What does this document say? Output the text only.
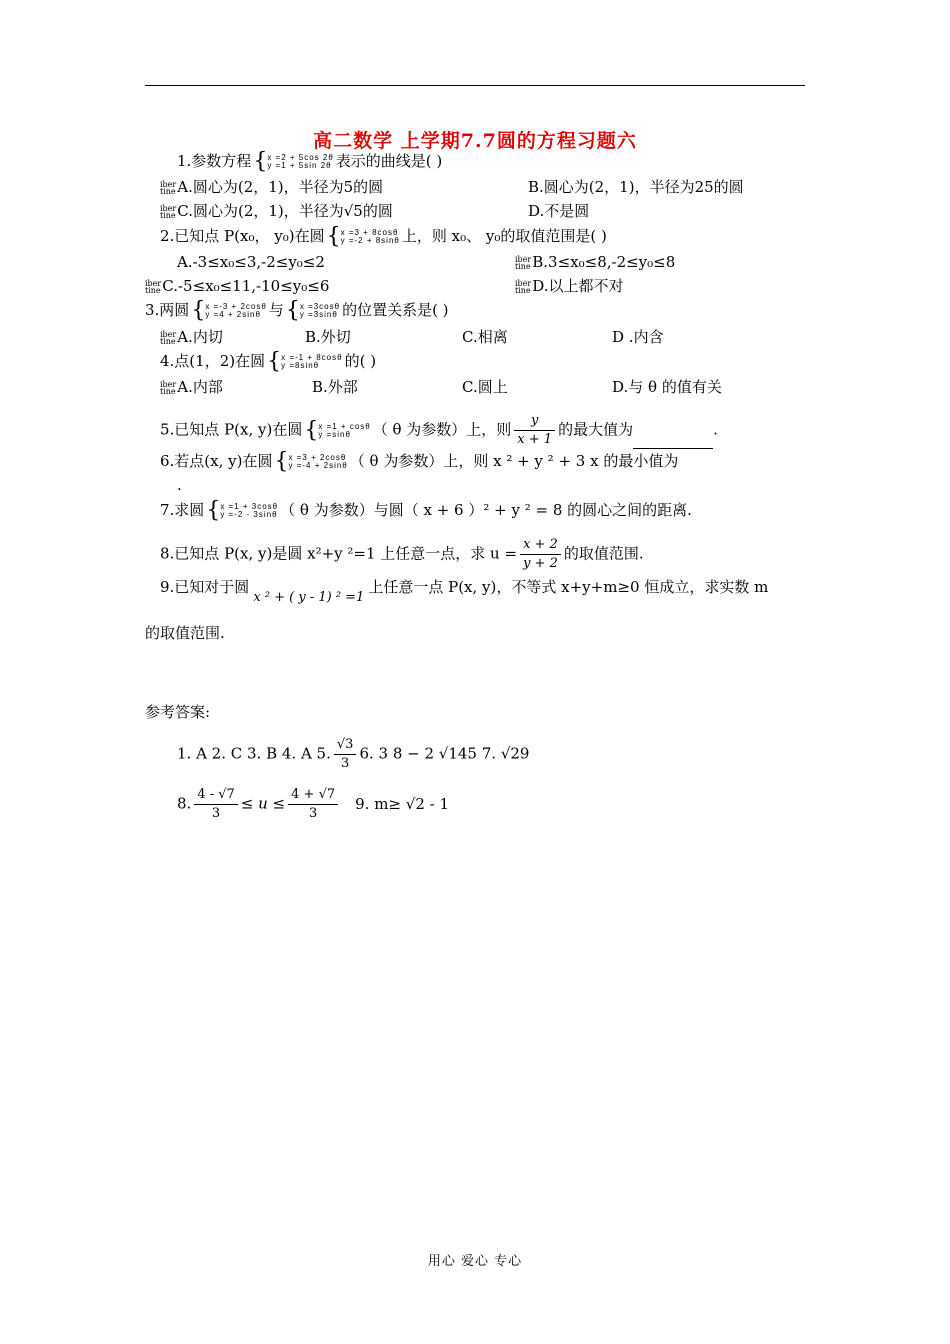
高二数学 上学期7.7圆的方程习题六
1.参数方程{x =2 + 5cos 2θ
y =1 + 5sin 2θ 表示的曲线是( )
iber
tine A.圆心为(2，1)，半径为5的圆	B.圆心为(2，1)，半径为25的圆
iber
tine C.圆心为(2，1)，半径为√5的圆	D.不是圆
2.已知点 P(x₀， y₀)在圆{x =3 + 8cosθ
y =-2 + 8sinθ 上，则 x₀、 y₀的取值范围是( )
A.-3≤x₀≤3,-2≤y₀≤2	iber
tine B.3≤x₀≤8,-2≤y₀≤8
iber
tine C.-5≤x₀≤11,-10≤y₀≤6	iber
tine D.以上都不对
3.两圆{x =-3 + 2cosθ
y =4 + 2sinθ 与{x =3cosθ
y =3sinθ 的位置关系是( )
iber
tine A.内切	B.外切	C.相离	D .内含
4.点(1，2)在圆{x =-1 + 8cosθ
y =8sinθ 的( )
iber
tine A.内部	B.外部	C.圆上	D.与 θ 的值有关
5.已知点 P(x, y)在圆{x =1 + cosθ
y =sinθ （ θ 为参数）上，则 $\frac{y}{x + 1}$ 的最大值为	.
6.若点(x, y)在圆{x =3 + 2cosθ
y =-4 + 2sinθ （ θ 为参数）上，则 x ² + y ² + 3 x 的最小值为
.
7.求圆{x =1 + 3cosθ
y =-2 - 3sinθ （ θ 为参数）与圆（ x + 6 ）² + y ² = 8 的圆心之间的距离.
8.已知点 P(x, y)是圆 x²+y ²=1 上任意一点，求 $u = \frac{x + 2}{y + 2}$ 的取值范围.
9.已知对于圆x ² + ( y - 1) ² =1上任意一点 P(x, y)，不等式 x+y+m≥0 恒成立，求实数 m
的取值范围.
参考答案:
1. A 2. C 3. B 4. A 5. $\frac{√3}{3} 6$. 3 8 − 2 √145 7. √29
8. $\frac{4 - √7}{3} \le u \le \frac{4 + √7}{3} 9$. m≥ √2 - 1
用心 爱心 专心
